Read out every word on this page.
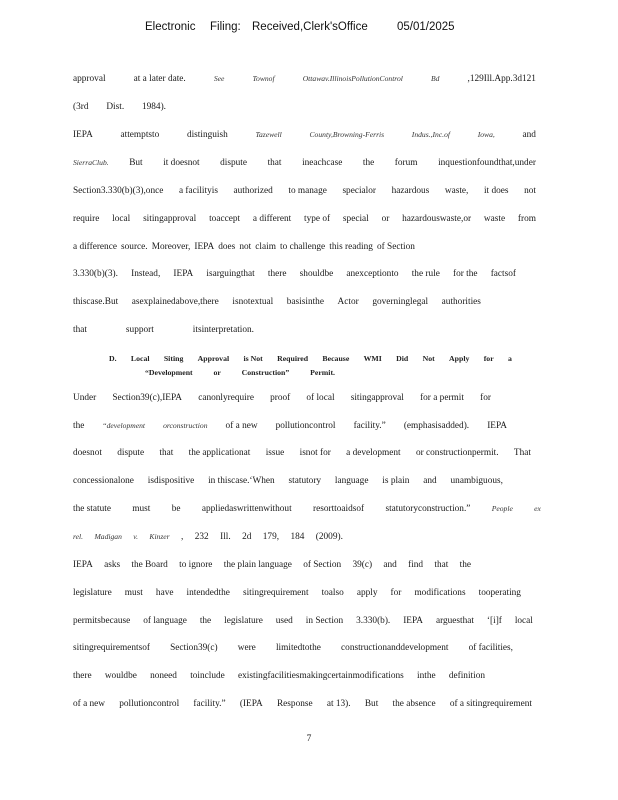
Electronic Filing: Received,Clerk'sOffice	05/01/2025
approval	at a later date.	See	Townof	Ottawav.IllinoisPollutionControl	Bd	,129Ill.App.3d121
(3rd Dist. 1984).
IEPA	attemptsto	distinguish	Tazewell	County,Browning-Ferris	Indus.,Inc.of	Iowa,	and
SierraClub. But it doesnot dispute that ineachcase the forum inquestionfoundthat,under
Section3.330(b)(3),once a facilityis authorized to manage specialor hazardous waste, it does not
require local sitingapproval toaccept a different type of special or hazardouswaste,or waste from
a difference source. Moreover, IEPA does not claim to challenge this reading of Section
3.330(b)(3). Instead, IEPA isarguingthat there shouldbe anexceptionto the rule for the factsof
thiscase.But asexplainedabove,there isnotextual basisinthe Actor governinglegal authorities
that	support	itsinterpretation.
Under Section39(c),IEPA canonlyrequire proof of local sitingapproval for a permit for
the “development orconstruction of a new pollutioncontrol facility.” (emphasisadded). IEPA
doesnot dispute that the applicationat issue isnot for a development or constructionpermit. That
concessionalone isdispositive in thiscase.‘When statutory language is plain and unambiguous,
the statute must be appliedaswrittenwithout resorttoaidsof statutoryconstruction.”	People	ex
rel. Madigan v. Kinzer , 232 Ill. 2d 179, 184 (2009).
IEPA asks the Board to ignore the plain language of Section 39(c) and find that the
legislature must have intendedthe sitingrequirement toalso apply for modifications tooperating
permitsbecause of language the legislature used in Section 3.330(b). IEPA arguesthat ‘[i]f local
sitingrequirementsof Section39(c) were limitedtothe constructionanddevelopment of facilities,
there wouldbe noneed toinclude existingfacilitiesmakingcertainmodifications inthe definition
of a new pollutioncontrol facility.” (IEPA Response at 13). But the absence of a sitingrequirement
D. Local Siting Approval is Not Required Because WMI Did Not Apply for a
“Development	or	Construction”	Permit.
7
